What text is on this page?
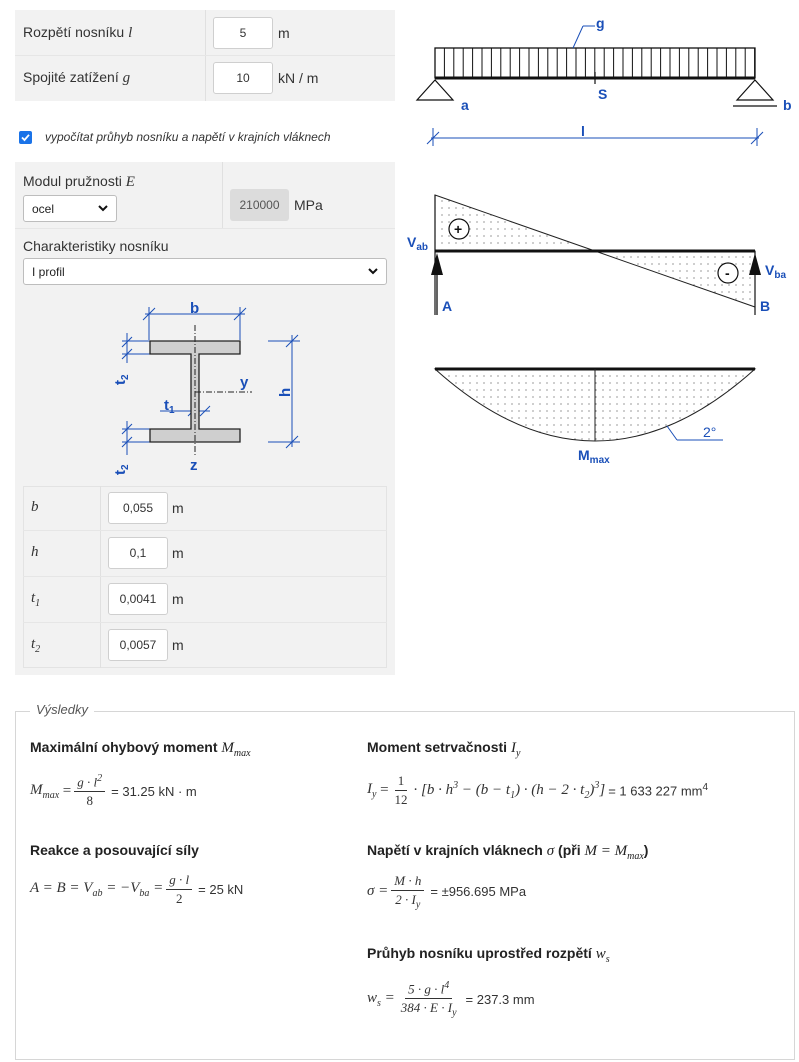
Rozpětí nosníku l
5	m
Spojité zatížení g
10	kN / m
vypočítat průhyb nosníku a napětí v krajních vláknech
Modul pružnosti E
ocel	210000	MPa
Charakteristiky nosníku
I profil
b
y
z
h
$t_1$
$t_2$
$t_2$
b
0,055	m
h
0,1	m
$t_1$
0,0041	m
$t_2$
0,0057	m
g
a	b
S
l
+
-
$V_{ab}$
$V_{ba}$
A	B
$M_{max}$
2°
Výsledky
Maximální ohybový moment $M_{max}$
$M_{max}$
= $\frac{g \cdot l^2}{8} = 31.25$ kN · m
Moment setrvačnosti $I_y$
$I_y$
= $\frac{1}{12} \cdot [b \cdot h^3 - (b - t_1) \cdot (h - 2 \cdot t_2)^3] = 1$ 633 227 $mm^4$
Reakce a posouvající síly
$A = B = V_{ab} = -V_{ba} = \frac{g \cdot l}{2} = 25$ kN
Napětí v krajních vláknech σ (při $M = M_{max}$)
$\sigma = \frac{M \cdot h}{2 \cdot I_y} = \pm 956.695$ MPa
Průhyb nosníku uprostřed rozpětí $w_s$
$w_s = \frac{5 \cdot g \cdot l^4}{384 \cdot E \cdot I_y} = 237.3$ mm
